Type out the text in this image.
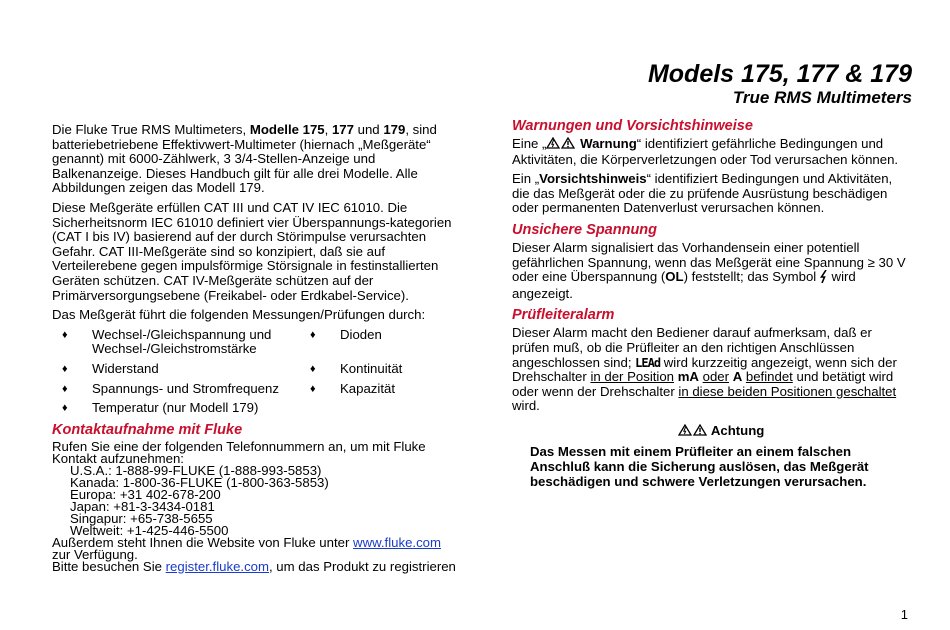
Models 175, 177 & 179
True RMS Multimeters

Die Fluke True RMS Multimeters, Modelle 175, 177 und 179, sind batteriebetriebene Effektivwert-Multimeter (hiernach „Meßgeräte“ genannt) mit 6000-Zählwerk, 3 3/4-Stellen-Anzeige und Balkenanzeige. Dieses Handbuch gilt für alle drei Modelle. Alle Abbildungen zeigen das Modell 179.

Diese Meßgeräte erfüllen CAT III und CAT IV IEC 61010. Die Sicherheitsnorm IEC 61010 definiert vier Überspannungs-kategorien (CAT I bis IV) basierend auf der durch Störimpulse verursachten Gefahr. CAT III-Meßgeräte sind so konzipiert, daß sie auf Verteilerebene gegen impulsförmige Störsignale in festinstallierten Geräten schützen. CAT IV-Meßgeräte schützen auf der Primärversorgungsebene (Freikabel- oder Erdkabel-Service).

Das Meßgerät führt die folgenden Messungen/Prüfungen durch:

♦ Wechsel-/Gleichspannung und Wechsel-/Gleichstromstärke
♦ Dioden
♦ Widerstand	♦ Kontinuität
♦ Spannungs- und Stromfrequenz	♦ Kapazität
♦ Temperatur (nur Modell 179)
Kontaktaufnahme mit Fluke

Rufen Sie eine der folgenden Telefonnummern an, um mit Fluke Kontakt aufzunehmen:

U.S.A.: 1-888-99-FLUKE (1-888-993-5853)

Kanada: 1-800-36-FLUKE (1-800-363-5853)

Europa: +31 402-678-200

Japan: +81-3-3434-0181

Singapur: +65-738-5655

Weltweit: +1-425-446-5500

Außerdem steht Ihnen die Website von Fluke unter www.fluke.com zur Verfügung.

Bitte besuchen Sie register.fluke.com, um das Produkt zu registrieren

Warnungen und Vorsichtshinweise

Eine „	Warnung“ identifiziert gefährliche Bedingungen und Aktivitäten, die Körperverletzungen oder Tod verursachen können.

Ein „Vorsichtshinweis“ identifiziert Bedingungen und Aktivitäten, die das Meßgerät oder die zu prüfende Ausrüstung beschädigen oder permanenten Datenverlust verursachen können.

Unsichere Spannung

Dieser Alarm signalisiert das Vorhandensein einer potentiell gefährlichen Spannung, wenn das Meßgerät eine Spannung ≥ 30 V oder eine Überspannung (OL) feststellt; das Symbol  wird angezeigt.

Prüfleiteralarm

Dieser Alarm macht den Bediener darauf aufmerksam, daß er prüfen muß, ob die Prüfleiter an den richtigen Anschlüssen angeschlossen sind; LEAd wird kurzzeitig angezeigt, wenn sich der Drehschalter in der Position mA oder A befindet und betätigt wird oder wenn der Drehschalter in diese beiden Positionen geschaltet wird.

Achtung
Das Messen mit einem Prüfleiter an einem falschen Anschluß kann die Sicherung auslösen, das Meßgerät beschädigen und schwere Verletzungen verursachen.
1
